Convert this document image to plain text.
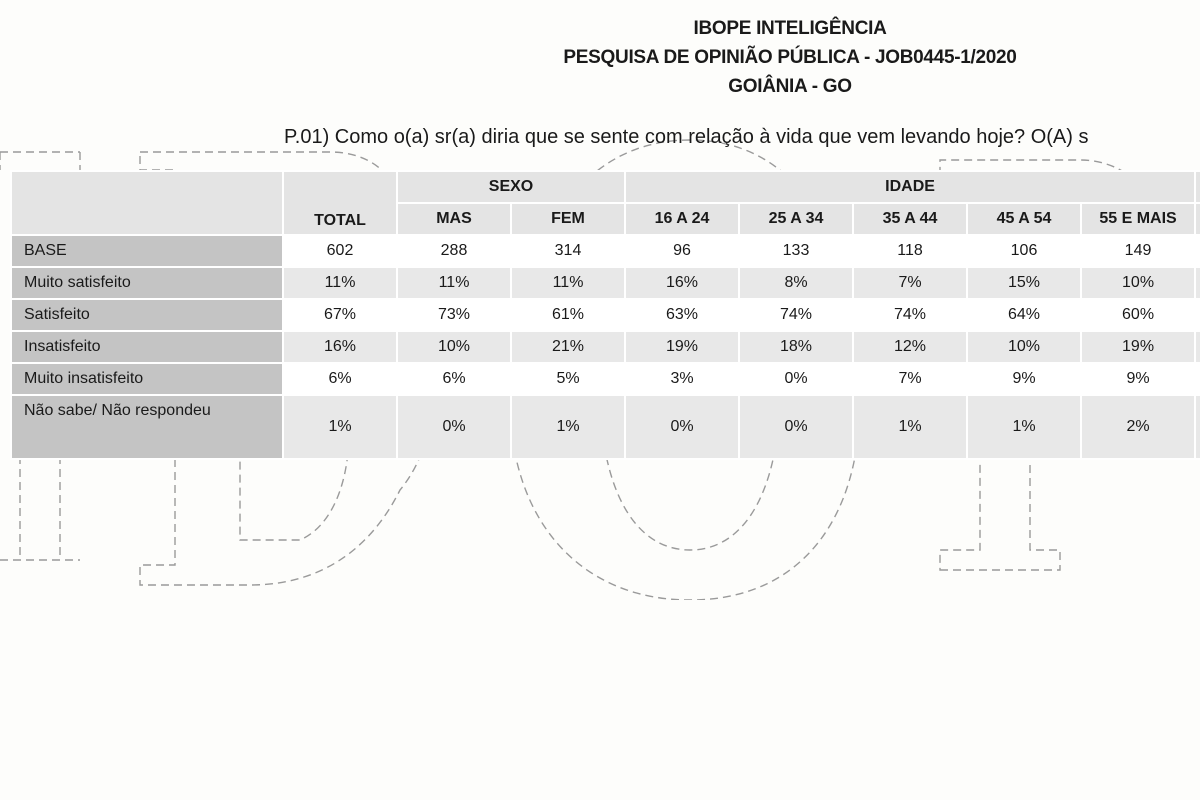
IBOPE INTELIGÊNCIA
PESQUISA DE OPINIÃO PÚBLICA - JOB0445-1/2020
GOIÂNIA - GO
P.01) Como o(a) sr(a) diria que se sente com relação à vida que vem levando hoje? O(A) s
	TOTAL	SEXO		IDADE					
		MAS	FEM	16 A 24	25 A 34	35 A 44	45 A 54	55 E MAIS	
BASE	602	288	314	96	133	118	106	149	
Muito satisfeito	11%	11%	11%	16%	8%	7%	15%	10%	
Satisfeito	67%	73%	61%	63%	74%	74%	64%	60%	
Insatisfeito	16%	10%	21%	19%	18%	12%	10%	19%	
Muito insatisfeito	6%	6%	5%	3%	0%	7%	9%	9%	
Não sabe/ Não respondeu	1%	0%	1%	0%	0%	1%	1%	2%	
